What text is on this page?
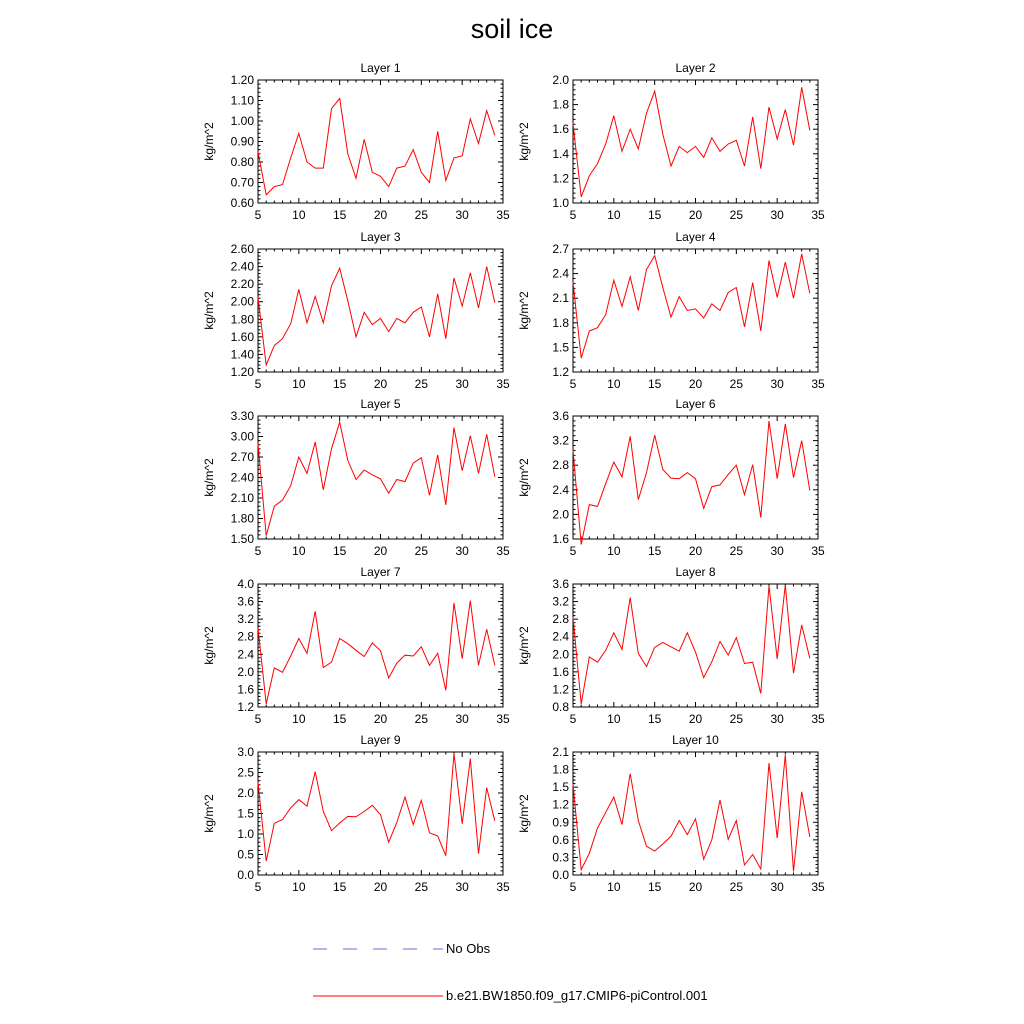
soil ice
Layer 1
kg/m^2
5	10 15 20 25 30 35
0.60
0.70
0.80
0.90
1.00
1.10
1.20
Layer 2
kg/m^2
5	10 15 20 25 30 35
1.0
1.2
1.4
1.6
1.8
2.0
Layer 3
kg/m^2
5	10 15 20 25 30 35
1.20
1.40
1.60
1.80
2.00
2.20
2.40
2.60
Layer 4
kg/m^2
5	10 15 20 25 30 35
1.2
1.5
1.8
2.1
2.4
2.7
Layer 5
kg/m^2
5	10 15 20 25 30 35
1.50
1.80
2.10
2.40
2.70
3.00
3.30
Layer 6
kg/m^2
5	10 15 20 25 30 35
1.6
2.0
2.4
2.8
3.2
3.6
Layer 7
kg/m^2
5	10 15 20 25 30 35
1.2
1.6
2.0
2.4
2.8
3.2
3.6
4.0
Layer 8
kg/m^2
5	10 15 20 25 30 35
0.8
1.2
1.6
2.0
2.4
2.8
3.2
3.6
Layer 9
kg/m^2
5	10 15 20 25 30 35
0.0
0.5
1.0
1.5
2.0
2.5
3.0
Layer 10
kg/m^2
5	10 15 20 25 30 35
0.0
0.3
0.6
0.9
1.2
1.5
1.8
2.1
No Obs
b.e21.BW1850.f09_g17.CMIP6-piControl.001
